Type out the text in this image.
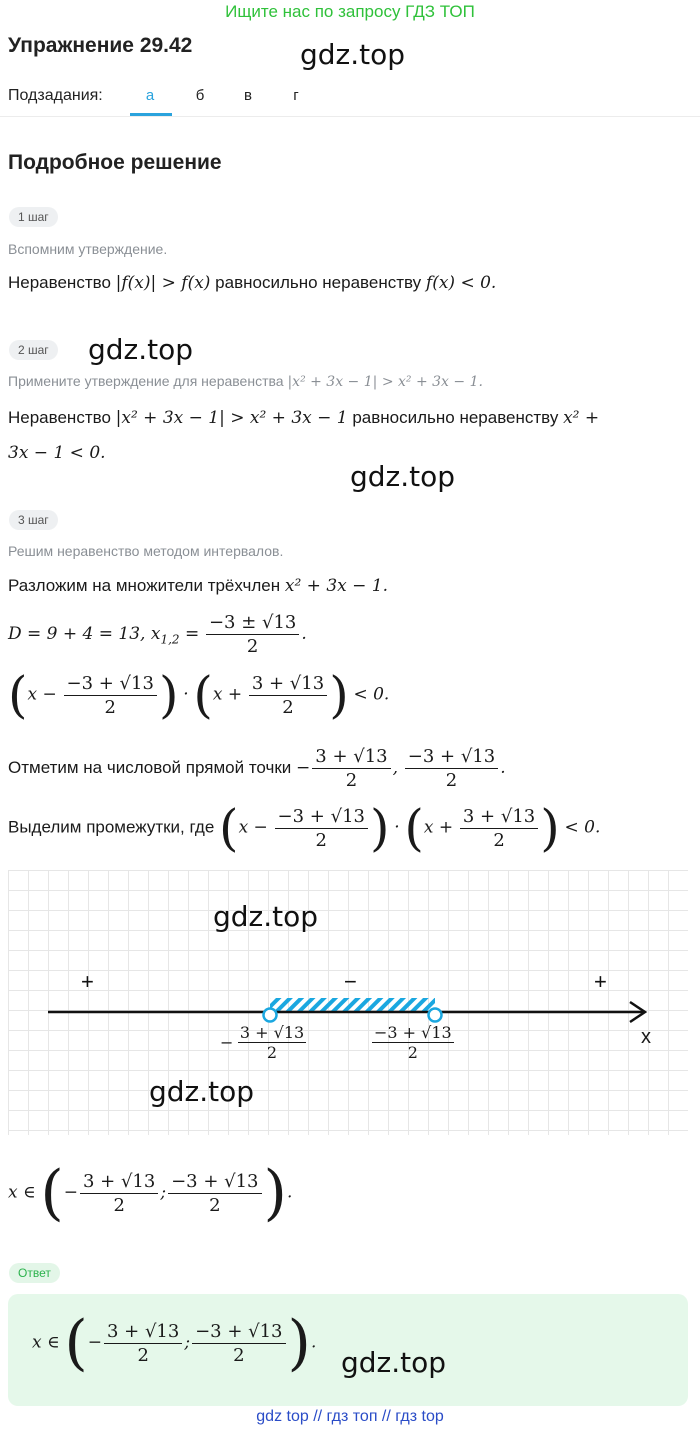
Ищите нас по запросу ГДЗ ТОП
Упражнение 29.42	gdz.top
Подзадания:	а	б	в	г
Подробное решение
1 шаг
Вспомним утверждение.
Неравенство |f(x)| > f(x) равносильно неравенству f(x) < 0.
2 шаг	gdz.top
Примените утверждение для неравенства |x² + 3x − 1| > x² + 3x − 1.
Неравенство |x² + 3x − 1| > x² + 3x − 1 равносильно неравенству x² +
3x − 1 < 0.
gdz.top
3 шаг
Решим неравенство методом интервалов.
Разложим на множители трёхчлен x² + 3x − 1.
D = 9 + 4 = 13, $x_{1,2} = \frac{-3 \pm √13}{2}$ .
($x - \frac{-3 + √13}{2}$ ) · ($x + \frac{3 + √13}{2}$ ) < 0.
Отметим на числовой прямой точки − $\frac{3 + √13}{2}$ , $\frac{-3 + √13}{2}$ .
Выделим промежутки, где ($x - \frac{-3 + √13}{2}$ ) · ($x + \frac{3 + √13}{2}$ ) < 0.
gdz.top
+	−	+
x
− $\frac{3 + √13}{2}$	$\frac{-3 + √13}{2}$
gdz.top
x ∈ (− $\frac{3 + √13}{2}$ ; $\frac{-3 + √13}{2}$ ).
Ответ
x ∈ (− $\frac{3 + √13}{2}$ ; $\frac{-3 + √13}{2}$ ).
gdz.top
gdz top // гдз топ // гдз top
